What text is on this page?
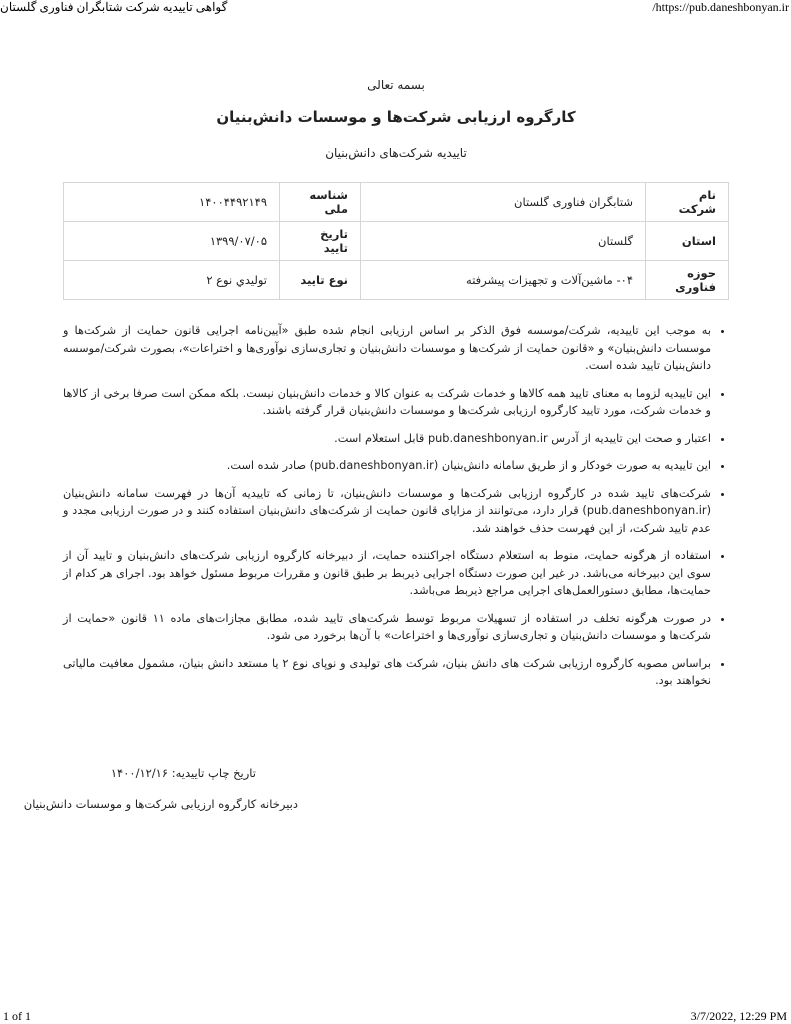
گواهی تاییدیه شرکت شتابگران فناوری گلستان	https://pub.daneshbonyan.ir/
بسمه تعالی
کارگروه ارزیابی شرکت‌ها و موسسات دانش‌بنیان
تاییدیه شرکت‌های دانش‌بنیان
نام شرکت	شتابگران فناوری گلستان	شناسه ملی	۱۴۰۰۴۴۹۲۱۴۹
استان	گلستان	تاریخ تایید	۱۳۹۹/۰۷/۰۵
حوزه فناوری	۰۴- ماشین‌آلات و تجهیزات پیشرفته	نوع تایید	توليدي نوع ۲
• به موجب این تاییدیه، شرکت/موسسه فوق الذکر بر اساس ارزیابی انجام شده طبق «آیین‌نامه اجرایی قانون حمایت از شرکت‌ها و موسسات دانش‌بنیان» و «قانون حمایت از شرکت‌ها و موسسات دانش‌بنیان و تجاری‌سازی نوآوری‌ها و اختراعات»، بصورت شرکت/موسسه دانش‌بنیان تایید شده است.
• این تاییدیه لزوما به معنای تایید همه کالاها و خدمات شرکت به عنوان کالا و خدمات دانش‌بنیان نیست. بلکه ممکن است صرفا برخی از کالاها و خدمات شرکت، مورد تایید کارگروه ارزیابی شرکت‌ها و موسسات دانش‌بنیان قرار گرفته باشند.
• اعتبار و صحت این تاییدیه از آدرس pub.daneshbonyan.ir قابل استعلام است.
• این تاییدیه به صورت خودکار و از طریق سامانه دانش‌بنیان (pub.daneshbonyan.ir) صادر شده است.
• شرکت‌های تایید شده در کارگروه ارزیابی شرکت‌ها و موسسات دانش‌بنیان، تا زمانی که تاییدیه آن‌ها در فهرست سامانه دانش‌بنیان (pub.daneshbonyan.ir) قرار دارد، می‌توانند از مزایای قانون حمایت از شرکت‌های دانش‌بنیان استفاده کنند و در صورت ارزیابی مجدد و عدم تایید شرکت، از این فهرست حذف خواهند شد.
• استفاده از هرگونه حمایت، منوط به استعلام دستگاه اجراکننده حمایت، از دبیرخانه کارگروه ارزیابی شرکت‌های دانش‌بنیان و تایید آن از سوی این دبیرخانه می‌باشد. در غیر این صورت دستگاه اجرایی ذیربط بر طبق قانون و مقررات مربوط مسئول خواهد بود. اجرای هر کدام از حمایت‌ها، مطابق دستورالعمل‌های اجرایی مراجع ذیربط می‌باشد.
• در صورت هرگونه تخلف در استفاده از تسهیلات مربوط توسط شرکت‌های تایید شده، مطابق مجازات‌های ماده ۱۱ قانون «حمایت از شرکت‌ها و موسسات دانش‌بنیان و تجاری‌سازی نوآوری‌ها و اختراعات» با آن‌ها برخورد می شود.
• براساس مصوبه کارگروه ارزیابی شرکت های دانش بنیان، شرکت های تولیدی و نوپای نوع ۲ یا مستعد دانش بنیان، مشمول معافیت مالیاتی نخواهند بود.
تاریخ چاپ تاییدیه: ۱۴۰۰/۱۲/۱۶
دبیرخانه کارگروه ارزیابی شرکت‌ها و موسسات دانش‌بنیان
1 of 1	3/7/2022, 12:29 PM
